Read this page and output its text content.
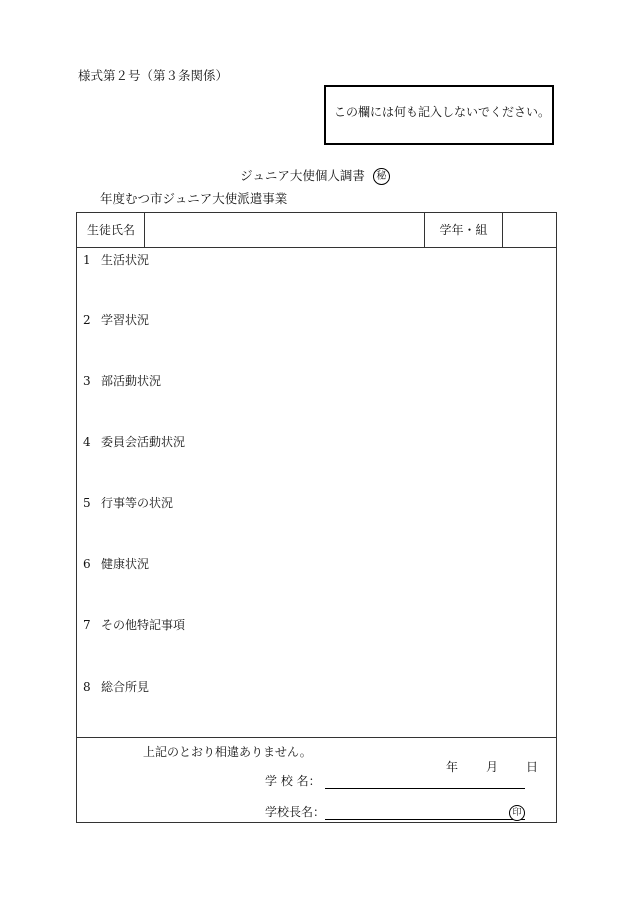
様式第２号（第３条関係）
この欄には何も記入しないでください。
ジュニア大使個人調書 秘
年度むつ市ジュニア大使派遣事業
生徒氏名	学年・組
1 生活状況
2 学習状況
3 部活動状況
4 委員会活動状況
5 行事等の状況
6 健康状況
7 その他特記事項
8 総合所見
上記のとおり相違ありません。
年 月 日
学 校 名：
学校長名：	印
